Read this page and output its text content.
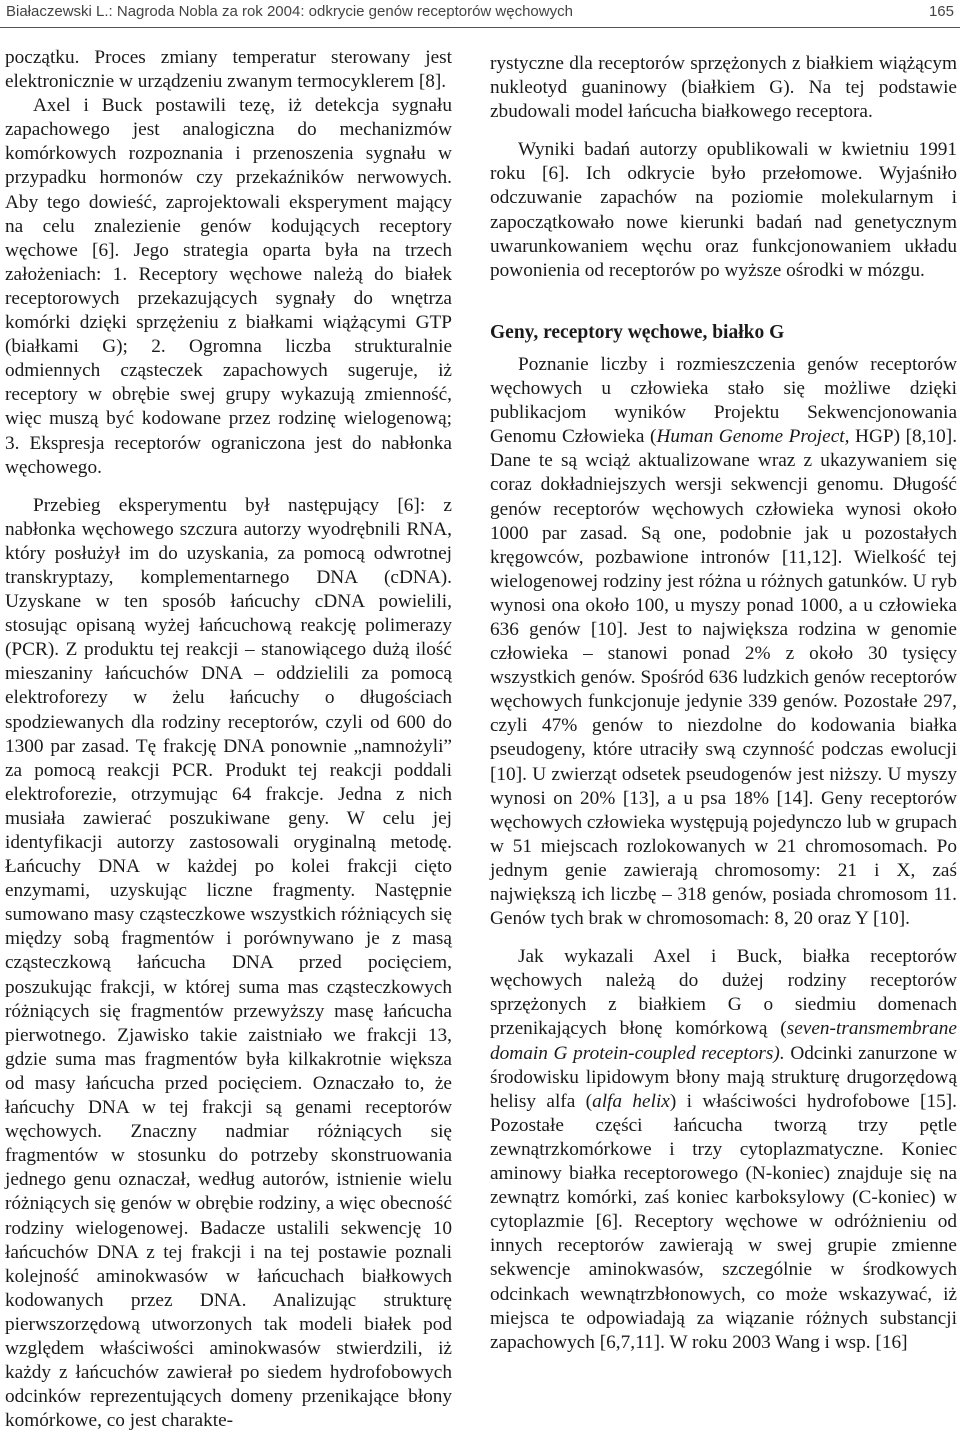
Białaczewski L.: Nagroda Nobla za rok 2004: odkrycie genów receptorów węchowych	165

początku. Proces zmiany temperatur sterowany jest elektronicznie w urządzeniu zwanym termocyklerem [8].

Axel i Buck postawili tezę, iż detekcja sygnału zapachowego jest analogiczna do mechanizmów komórkowych rozpoznania i przenoszenia sygnału w przypadku hormonów czy przekaźników nerwowych. Aby tego dowieść, zaprojektowali eksperyment mający na celu znalezienie genów kodujących receptory węchowe [6]. Jego strategia oparta była na trzech założeniach: 1. Receptory węchowe należą do białek receptorowych przekazujących sygnały do wnętrza komórki dzięki sprzężeniu z białkami wiążącymi GTP (białkami G); 2. Ogromna liczba strukturalnie odmiennych cząsteczek zapachowych sugeruje, iż receptory w obrębie swej grupy wykazują zmienność, więc muszą być kodowane przez rodzinę wielogenową; 3. Ekspresja receptorów ograniczona jest do nabłonka węchowego.

Przebieg eksperymentu był następujący [6]: z nabłonka węchowego szczura autorzy wyodrębnili RNA, który posłużył im do uzyskania, za pomocą odwrotnej transkryptazy, komplementarnego DNA (cDNA). Uzyskane w ten sposób łańcuchy cDNA powielili, stosując opisaną wyżej łańcuchową reakcję polimerazy (PCR). Z produktu tej reakcji – stanowiącego dużą ilość mieszaniny łańcuchów DNA – oddzielili za pomocą elektroforezy w żelu łańcuchy o długościach spodziewanych dla rodziny receptorów, czyli od 600 do 1300 par zasad. Tę frakcję DNA ponownie „namnożyli” za pomocą reakcji PCR. Produkt tej reakcji poddali elektroforezie, otrzymując 64 frakcje. Jedna z nich musiała zawierać poszukiwane geny. W celu jej identyfikacji autorzy zastosowali oryginalną metodę. Łańcuchy DNA w każdej po kolei frakcji cięto enzymami, uzyskując liczne fragmenty. Następnie sumowano masy cząsteczkowe wszystkich różniących się między sobą fragmentów i porównywano je z masą cząsteczkową łańcucha DNA przed pocięciem, poszukując frakcji, w której suma mas cząsteczkowych różniących się fragmentów przewyższy masę łańcucha pierwotnego. Zjawisko takie zaistniało we frakcji 13, gdzie suma mas fragmentów była kilkakrotnie większa od masy łańcucha przed pocięciem. Oznaczało to, że łańcuchy DNA w tej frakcji są genami receptorów węchowych. Znaczny nadmiar różniących się fragmentów w stosunku do potrzeby skonstruowania jednego genu oznaczał, według autorów, istnienie wielu różniących się genów w obrębie rodziny, a więc obecność rodziny wielogenowej. Badacze ustalili sekwencję 10 łańcuchów DNA z tej frakcji i na tej postawie poznali kolejność aminokwasów w łańcuchach białkowych kodowanych przez DNA. Analizując strukturę pierwszorzędową utworzonych tak modeli białek pod względem właściwości aminokwasów stwierdzili, iż każdy z łańcuchów zawierał po siedem hydrofobowych odcinków reprezentujących domeny przenikające błony komórkowe, co jest charakte-

rystyczne dla receptorów sprzężonych z białkiem wiążącym nukleotyd guaninowy (białkiem G). Na tej podstawie zbudowali model łańcucha białkowego receptora.

Wyniki badań autorzy opublikowali w kwietniu 1991 roku [6]. Ich odkrycie było przełomowe. Wyjaśniło odczuwanie zapachów na poziomie molekularnym i zapoczątkowało nowe kierunki badań nad genetycznym uwarunkowaniem węchu oraz funkcjonowaniem układu powonienia od receptorów po wyższe ośrodki w mózgu.

Geny, receptory węchowe, białko G

Poznanie liczby i rozmieszczenia genów receptorów węchowych u człowieka stało się możliwe dzięki publikacjom wyników Projektu Sekwencjonowania Genomu Człowieka (Human Genome Project, HGP) [8,10]. Dane te są wciąż aktualizowane wraz z ukazywaniem się coraz dokładniejszych wersji sekwencji genomu. Długość genów receptorów węchowych człowieka wynosi około 1000 par zasad. Są one, podobnie jak u pozostałych kręgowców, pozbawione intronów [11,12]. Wielkość tej wielogenowej rodziny jest różna u różnych gatunków. U ryb wynosi ona około 100, u myszy ponad 1000, a u człowieka 636 genów [10]. Jest to największa rodzina w genomie człowieka – stanowi ponad 2% z około 30 tysięcy wszystkich genów. Spośród 636 ludzkich genów receptorów węchowych funkcjonuje jedynie 339 genów. Pozostałe 297, czyli 47% genów to niezdolne do kodowania białka pseudogeny, które utraciły swą czynność podczas ewolucji [10]. U zwierząt odsetek pseudogenów jest niższy. U myszy wynosi on 20% [13], a u psa 18% [14]. Geny receptorów węchowych człowieka występują pojedynczo lub w grupach w 51 miejscach rozlokowanych w 21 chromosomach. Po jednym genie zawierają chromosomy: 21 i X, zaś największą ich liczbę – 318 genów, posiada chromosom 11. Genów tych brak w chromosomach: 8, 20 oraz Y [10].

Jak wykazali Axel i Buck, białka receptorów węchowych należą do dużej rodziny receptorów sprzężonych z białkiem G o siedmiu domenach przenikających błonę komórkową (seven-transmembrane domain G protein-coupled receptors). Odcinki zanurzone w środowisku lipidowym błony mają strukturę drugorzędową helisy alfa (alfa helix) i właściwości hydrofobowe [15]. Pozostałe części łańcucha tworzą trzy pętle zewnątrzkomórkowe i trzy cytoplazmatyczne. Koniec aminowy białka receptorowego (N-koniec) znajduje się na zewnątrz komórki, zaś koniec karboksylowy (C-koniec) w cytoplazmie [6]. Receptory węchowe w odróżnieniu od innych receptorów zawierają w swej grupie zmienne sekwencje aminokwasów, szczególnie w środkowych odcinkach wewnątrzbłonowych, co może wskazywać, iż miejsca te odpowiadają za wiązanie różnych substancji zapachowych [6,7,11]. W roku 2003 Wang i wsp. [16]
